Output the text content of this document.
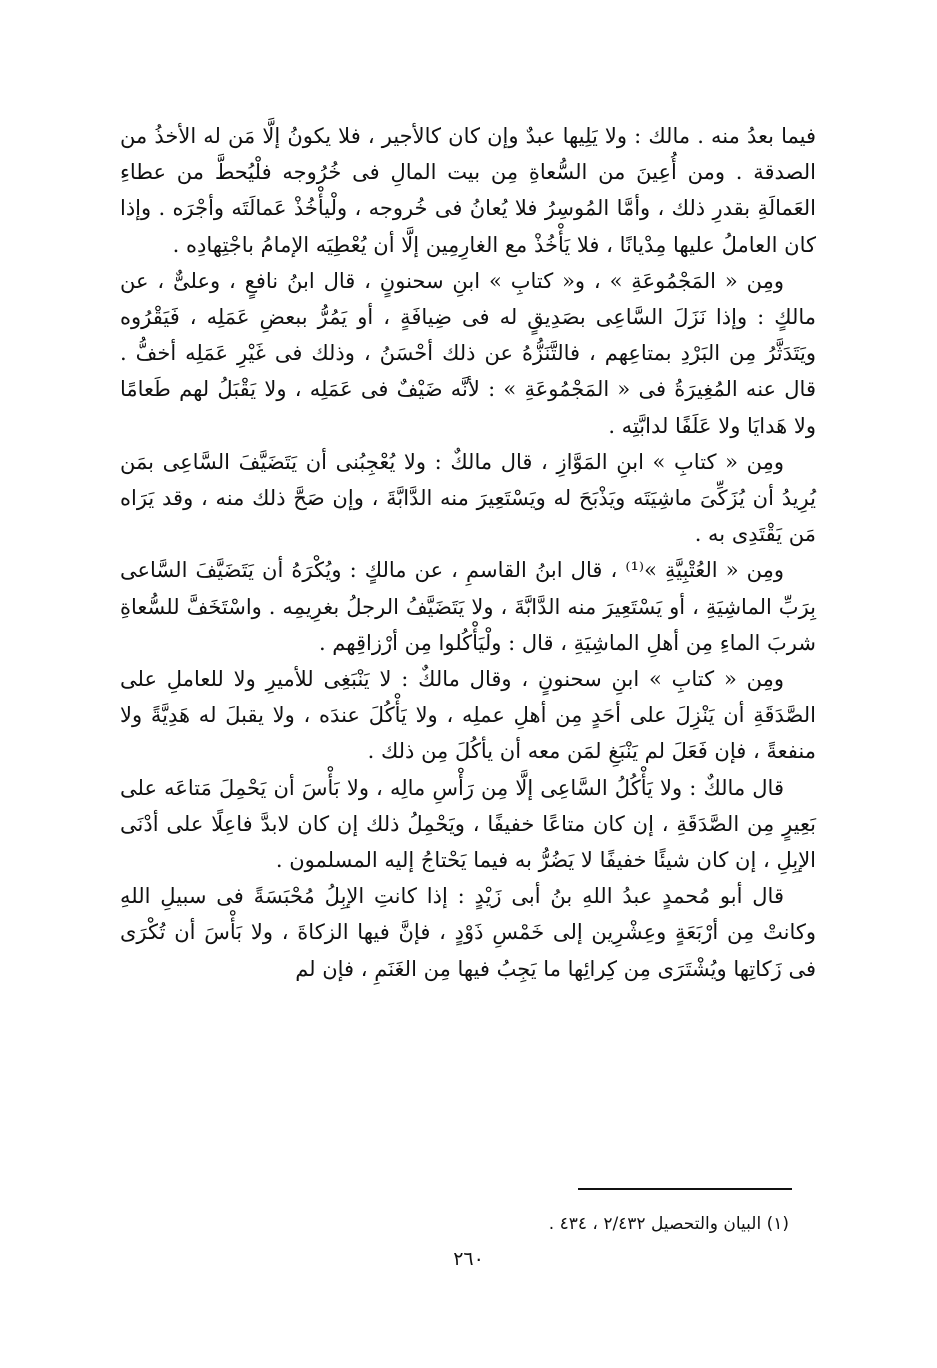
فيما بعدُ منه . مالك : ولا يَلِيها عبدٌ وإن كان كالأجير ، فلا يكونُ إلَّا مَن له الأخذُ من الصدقة . ومن أُعِينَ من السُّعاةِ مِن بيت المالِ فى خُرُوجه فلْيُحطَّ من عطاءِ العَمالَةِ بقدرِ ذلك ، وأمَّا المُوسِرُ فلا يُعانُ فى خُروجه ، ولْيأْخُذْ عَمالَتَه وأجْرَه . وإذا كان العاملُ عليها مِدْيانًا ، فلا يَأْخُذْ مع الغارِمِين إلَّا أن يُعْطِيَه الإمامُ باجْتِهادِه .

ومِن « المَجْمُوعَةِ » ، و« كتابِ » ابنِ سحنونٍ ، قال ابنُ نافعٍ ، وعلىٌّ ، عن مالكٍ : وإذا نَزَلَ السَّاعِى بصَدِيقٍ له فى ضِيافَةٍ ، أو يَمُرُّ ببعضِ عَمَلِه ، فَيَقْرُوه ويَتَدَثَّرُ مِن البَرْدِ بمتاعِهم ، فالتَّنَزُّهُ عن ذلك أحْسَنُ ، وذلك فى غَيْرِ عَمَلِه أخفُّ . قال عنه المُغِيرَةُ فى « المَجْمُوعَةِ » : لأنَّه ضَيْفٌ فى عَمَلِه ، ولا يَقْبَلُ لهم طَعامًا ولا هَدايَا ولا عَلَفًا لدابَّتِه .

ومِن « كتابِ » ابنِ المَوَّازِ ، قال مالكٌ : ولا يُعْجِبُنى أن يَتَضَيَّفَ السَّاعِى بمَن يُرِيدُ أن يُزَكِّىَ ماشِيَتَه ويَذْبَحَ له ويَسْتَعِيرَ منه الدَّابَّةَ ، وإن صَحَّ ذلك منه ، وقد يَرَاه مَن يَقْتَدِى به .

ومِن « العُتْبِيَّةِ »⁽¹⁾ ، قال ابنُ القاسمِ ، عن مالكٍ : ويُكْرَهُ أن يَتَضَيَّفَ السَّاعى بِرَبِّ الماشِيَةِ ، أو يَسْتَعِيرَ منه الدَّابَّةَ ، ولا يَتَضَيَّفُ الرجلُ بغرِيمِه . واسْتَخَفَّ للسُّعاةِ شربَ الماءِ مِن أهلِ الماشِيَةِ ، قال : ولْيَأْكُلوا مِن أرْزاقِهم .

ومِن « كتابِ » ابنِ سحنونٍ ، وقال مالكٌ : لا يَنْبَغِى للأميرِ ولا للعاملِ على الصَّدَقَةِ أن يَنْزِلَ على أحَدٍ مِن أهلِ عملِه ، ولا يَأْكُلَ عندَه ، ولا يقبلَ له هَدِيَّةً ولا منفعةً ، فإن فَعَلَ لم يَنْبَغِ لمَن معه أن يأكُلَ مِن ذلك .

قال مالكٌ : ولا يَأْكُلُ السَّاعِى إلَّا مِن رَأْسِ مالِه ، ولا بَأْسَ أن يَحْمِلَ مَتاعَه على بَعِيرٍ مِن الصَّدَقَةِ ، إن كان متاعًا خفيفًا ، ويَحْمِلُ ذلك إن كان لابدَّ فاعِلًا على أدْنَى الإبِلِ ، إن كان شيئًا خفيفًا لا يَضُرُّ به فيما يَحْتاجُ إليه المسلمون .

قال أبو مُحمدٍ عبدُ اللهِ بنُ أبى زَيْدٍ : إذا كانتِ الإبِلُ مُحْبَسَةً فى سبيلِ اللهِ وكانتْ مِن أرْبَعَةٍ وعِشْرِين إلى خَمْسِ ذَوْدٍ ، فإنَّ فيها الزكاةَ ، ولا بَأْسَ أن تُكْرَى فى زَكاتِها ويُشْتَرَى مِن كِرائِها ما يَجِبُ فيها مِن الغَنَمِ ، فإن لم

(١) البيان والتحصيل ٢/٤٣٢ ، ٤٣٤ .
٢٦٠
